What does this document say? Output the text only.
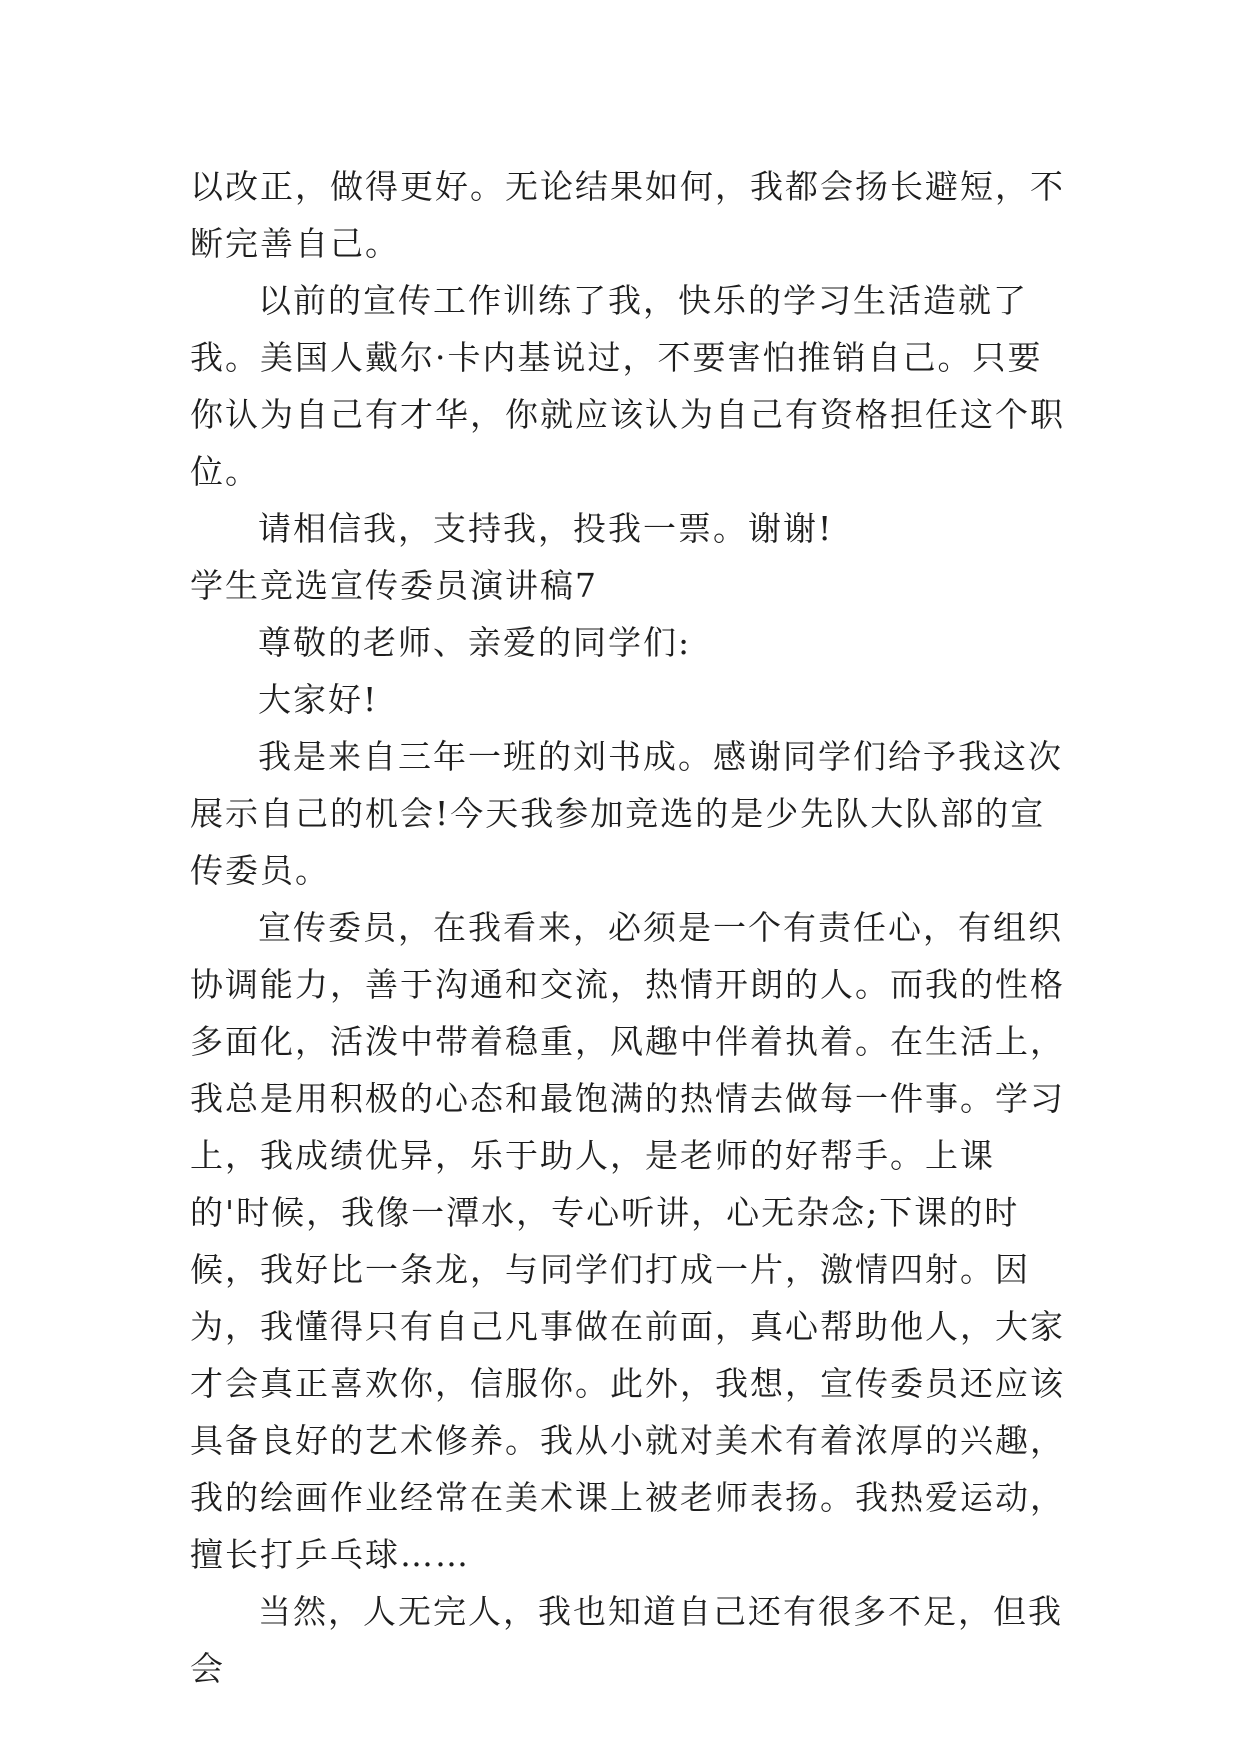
以改正，做得更好。无论结果如何，我都会扬长避短，不断完善自己。

以前的宣传工作训练了我，快乐的学习生活造就了我。美国人戴尔·卡内基说过，不要害怕推销自己。只要你认为自己有才华，你就应该认为自己有资格担任这个职位。

请相信我，支持我，投我一票。谢谢!

学生竞选宣传委员演讲稿7

尊敬的老师、亲爱的同学们:

大家好!

我是来自三年一班的刘书成。感谢同学们给予我这次展示自己的机会!今天我参加竞选的是少先队大队部的宣传委员。

宣传委员，在我看来，必须是一个有责任心，有组织协调能力，善于沟通和交流，热情开朗的人。而我的性格多面化，活泼中带着稳重，风趣中伴着执着。在生活上，我总是用积极的心态和最饱满的热情去做每一件事。学习上，我成绩优异，乐于助人，是老师的好帮手。上课的'时候，我像一潭水，专心听讲，心无杂念;下课的时候，我好比一条龙，与同学们打成一片，激情四射。因为，我懂得只有自己凡事做在前面，真心帮助他人，大家才会真正喜欢你，信服你。此外，我想，宣传委员还应该具备良好的艺术修养。我从小就对美术有着浓厚的兴趣，我的绘画作业经常在美术课上被老师表扬。我热爱运动，擅长打乒乓球……

当然，人无完人，我也知道自己还有很多不足，但我会
